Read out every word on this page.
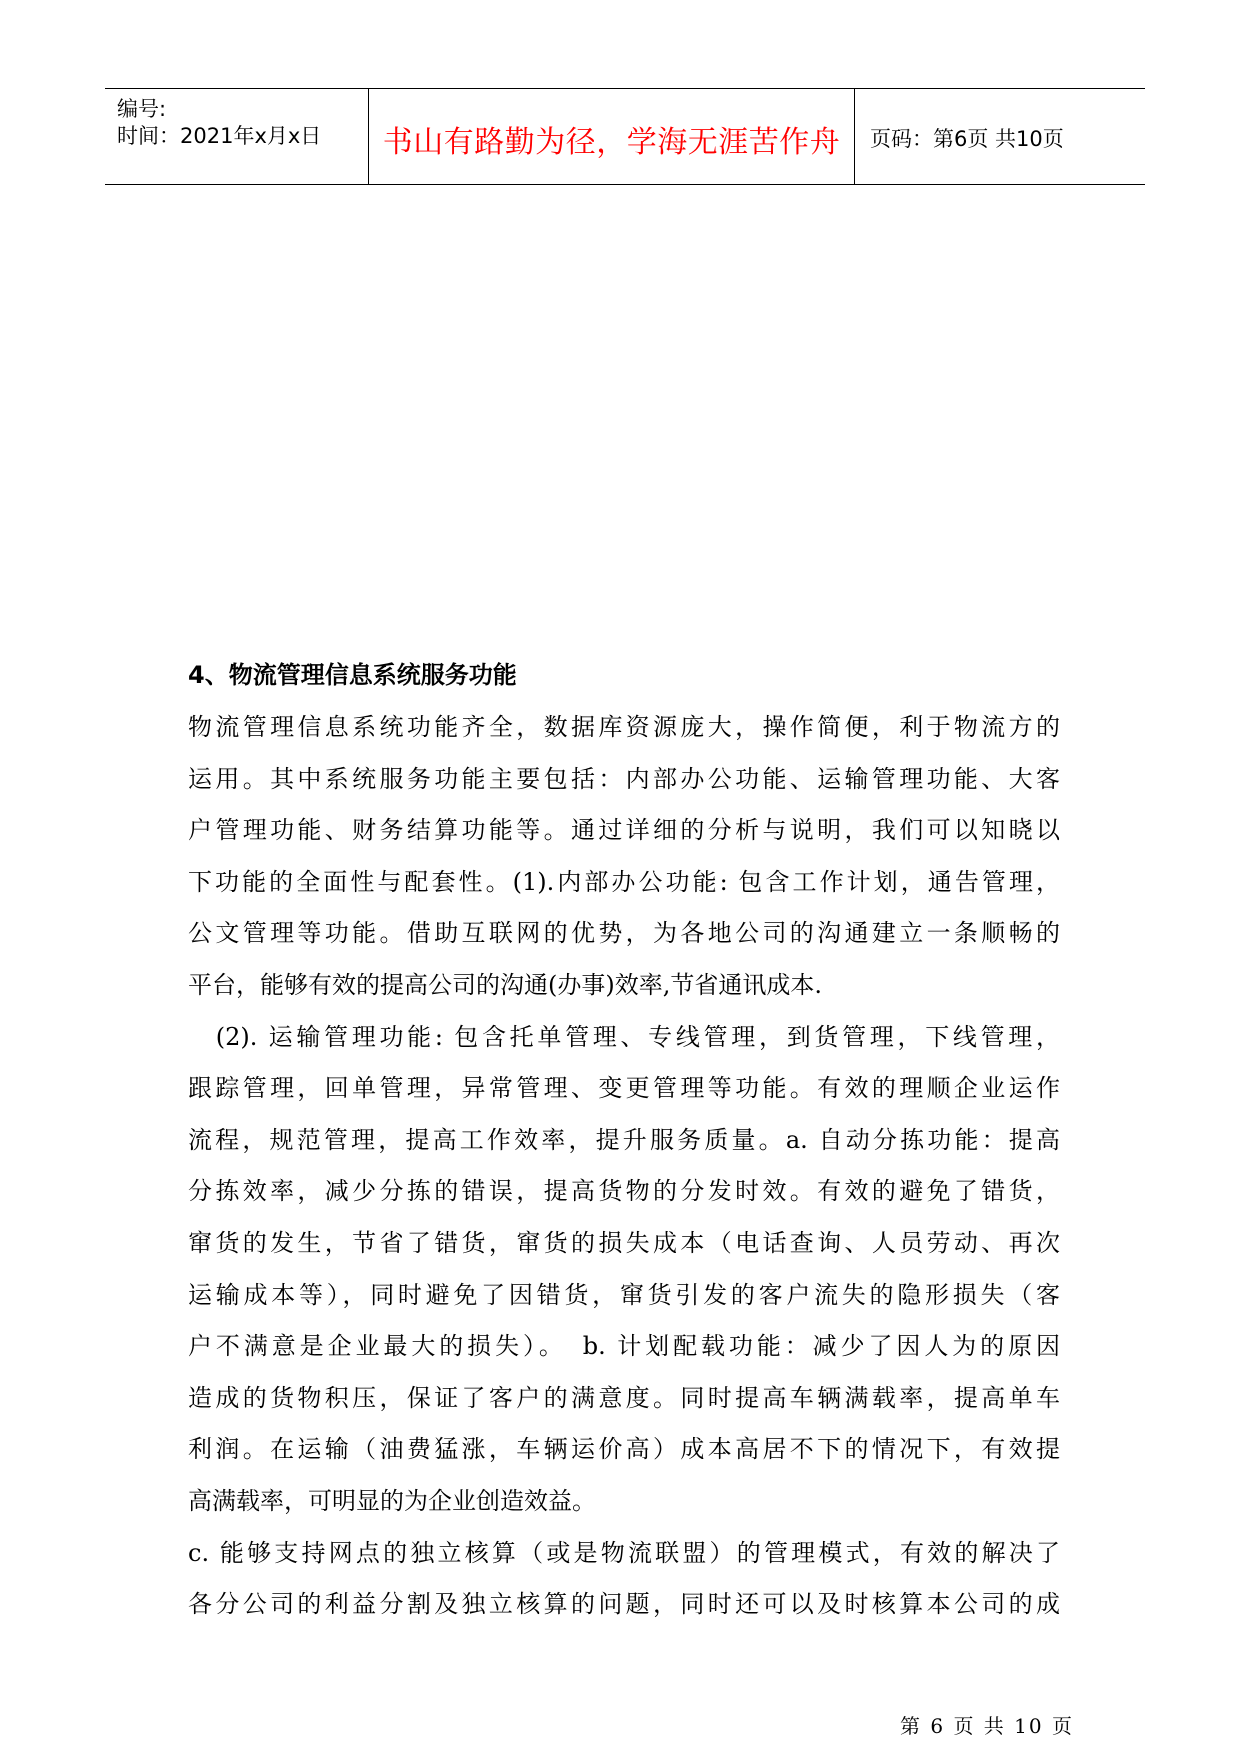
编号:
时间：2021年x月x日	书山有路勤为径，学海无涯苦作舟	页码：第6页 共10页
4、物流管理信息系统服务功能

物流管理信息系统功能齐全，数据库资源庞大，操作简便，利于物流方的
运用。其中系统服务功能主要包括：内部办公功能、运输管理功能、大客
户管理功能、财务结算功能等。通过详细的分析与说明，我们可以知晓以
下功能的全面性与配套性。(1).内部办公功能: 包含工作计划，通告管理，
公文管理等功能。借助互联网的优势，为各地公司的沟通建立一条顺畅的
平台，能够有效的提高公司的沟通(办事)效率,节省通讯成本.

　(2). 运输管理功能: 包含托单管理、专线管理，到货管理，下线管理，
跟踪管理，回单管理，异常管理、变更管理等功能。有效的理顺企业运作
流程，规范管理，提高工作效率，提升服务质量。a. 自动分拣功能：提高
分拣效率，减少分拣的错误，提高货物的分发时效。有效的避免了错货，
窜货的发生，节省了错货，窜货的损失成本（电话查询、人员劳动、再次
运输成本等），同时避免了因错货，窜货引发的客户流失的隐形损失（客
户不满意是企业最大的损失）。　b. 计划配载功能：减少了因人为的原因
造成的货物积压，保证了客户的满意度。同时提高车辆满载率，提高单车
利润。在运输（油费猛涨，车辆运价高）成本高居不下的情况下，有效提
高满载率，可明显的为企业创造效益。

c. 能够支持网点的独立核算（或是物流联盟）的管理模式，有效的解决了
各分公司的利益分割及独立核算的问题，同时还可以及时核算本公司的成

第 6 页 共 10 页
